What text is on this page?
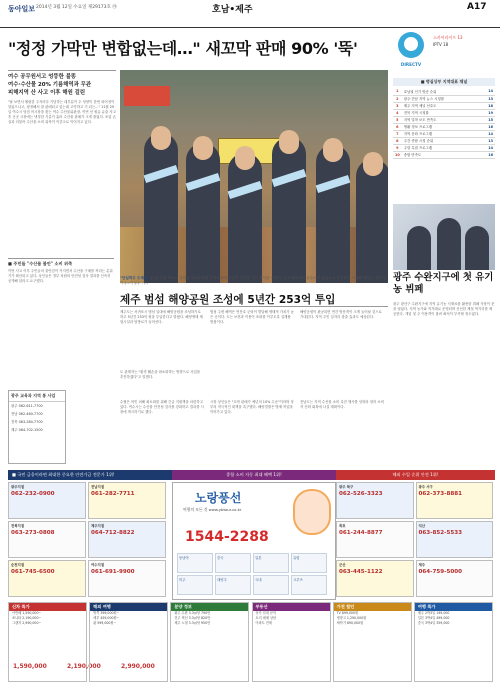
동아일보 2014년 3월 12일 수요일 제29173호 ㉮	호남•제주	A17
"정정 가막만 변합없는데…" 새꼬막 판매 90% '뚝'
여수 공무원서고 엉뚱한 불똥
여수·수산물 20% 기름해역과 무관
피해지역 산 사고 이후 해원 걸린
"날 보면서 썰렁한 주지마다 기념하는 데부분이 두 엉양이 한번 외어정이 알았으나고, 평정해서 잘 판매되고 있는데 고약하고 기 되는..." 11월 29일 여수시 당점 어시장을 찾는 여수 수산물위판장. 이번 선 원유 유출 사고 후 곳곳 시장에는 냉정한 기류가 흘러 수산물 판매가 크게 줄었다. 조업 손실과 더불어 수산물 소비 위축이 이중고로 이어지고 있다.
"안심하고 드세요" 11일 전남 여수시 남산동 여수수산물 특화시장에서 일반 수산물 시식 행사를 가졌다. 사고 해역에서 유통되지 않았으니 안심하고 구매해 달라는 것이다. 여수=이형주 기자
DIRECTV
스카이라이프 13
IPTV 18
■ 명실상부 지역대표 채널
1	호남권 인기 방송 순위	14
2	광주·전남 지역 뉴스 시청률	13
3	제주 지역 채널 선호도	18
4	전북 지역 시청률	19
5	지역 밀착 보도 만족도	15
6	생활 정보 프로그램	16
7	지역 문화 프로그램	14
8	주간 종합 시청 순위	13
9	주말 특집 프로그램	14
10	종합 만족도	16
■ 주민들 "수산물 불안" 소비 위축
이번 사고 이후 주민들의 불안감이 커지면서 수산물 구매를 꺼리는 분위기가 확산되고 있다. 상인들은 정부 차원의 안전성 검사 결과를 신속히 공개해 달라고 요구했다.	광주 수완지구에 첫 유기농 뷔페
광주 광산구 수완지구에 지역 유기농 식재료를 활용한 뷔페 식당이 문을 열었다. 지역 농가와 직거래로 운영되며 신선한 제철 먹거리를 제공한다. 개업 첫 주 이용객이 몰려 좌석이 부족할 정도였다.
제주 범섬 해양공원 조성에 5년간 253억 투입
제주도는 서귀포시 범섬 일대에 해양공원을 조성하기로 하고 5년간 253억 원을 투입한다고 밝혔다. 해양생태 체험시설과 탐방로가 들어선다.
범섬 주변 해역은 연산호 군락이 발달해 생태적 가치가 높은 곳이다. 도는 보전과 이용이 조화를 이루도록 설계할 방침이다.
해양공원이 완공되면 연간 방문객이 크게 늘어날 것으로 기대된다. 지역 주민 일자리 창출 효과도 예상된다.
도 관계자는 "환경 훼손을 최소화하는 방향으로 사업을 추진하겠다"고 말했다.
수협은 어민 피해 최소화를 위해 긴급 지원책을 마련하고 있다. 여수시는 수산물 안전성 검사를 강화하고 결과를 시장에 게시하기로 했다.
시장 상인들은 "꼬막 판매가 예년의 10% 수준"이라며 정부의 적극적인 대책을 촉구했다. 해양경찰은 방제 작업을 이어가고 있다.
전남도는 지역 수산물 소비 촉진 행사를 잇따라 열어 소비자 신뢰 회복에 나설 계획이다.
광주 교육과 지역 통 사업
광주 062-611-7700
전남 062-460-7700
전북 063-284-7700
제주 064-702-1500
■ 국민 금융이라면 최대한 중요한 안전기금 전문가 1위!	종합 소비 자동 최대 혜택 1위!	해외 수입 순위 안전 1위!
광주지점
062-232-0900
전남지점
061-282-7711
전북지점
063-273-0808
제주지점
064-712-8822
순천지점
061-745-6500
여수지점
061-691-9900
노랑풍선
여행의 모든 것 www.ybtour.co.kr
1544-2288
동남아	중국	일본	유럽
미주	대양주	국내	크루즈
광주 북구
062-526-3323
광주 서구
062-373-8881
목포
061-244-8877
익산
063-852-5533
군산
063-445-1122
제주
064-759-5000
신차 특가
아반떼 1,590,000~
쏘나타 2,190,000~
그랜저 2,990,000~
1,590,000	2,190,000	2,990,000
해외 여행
방콕 399,000원~
세부 459,000원~
괌 599,000원~
분양 정보
광주 수완 3.3㎡당 790만
전주 혁신 3.3㎡당 820만
제주 노형 3.3㎡당 950만
부동산
상가 임대 문의
토지 매매 상담
아파트 전세
가전 할인
TV 899,000원
냉장고 1,290,000원
세탁기 690,000원
여행 특가
제주 2박3일 199,000
일본 3박4일 499,000
중국 3박4일 359,000
